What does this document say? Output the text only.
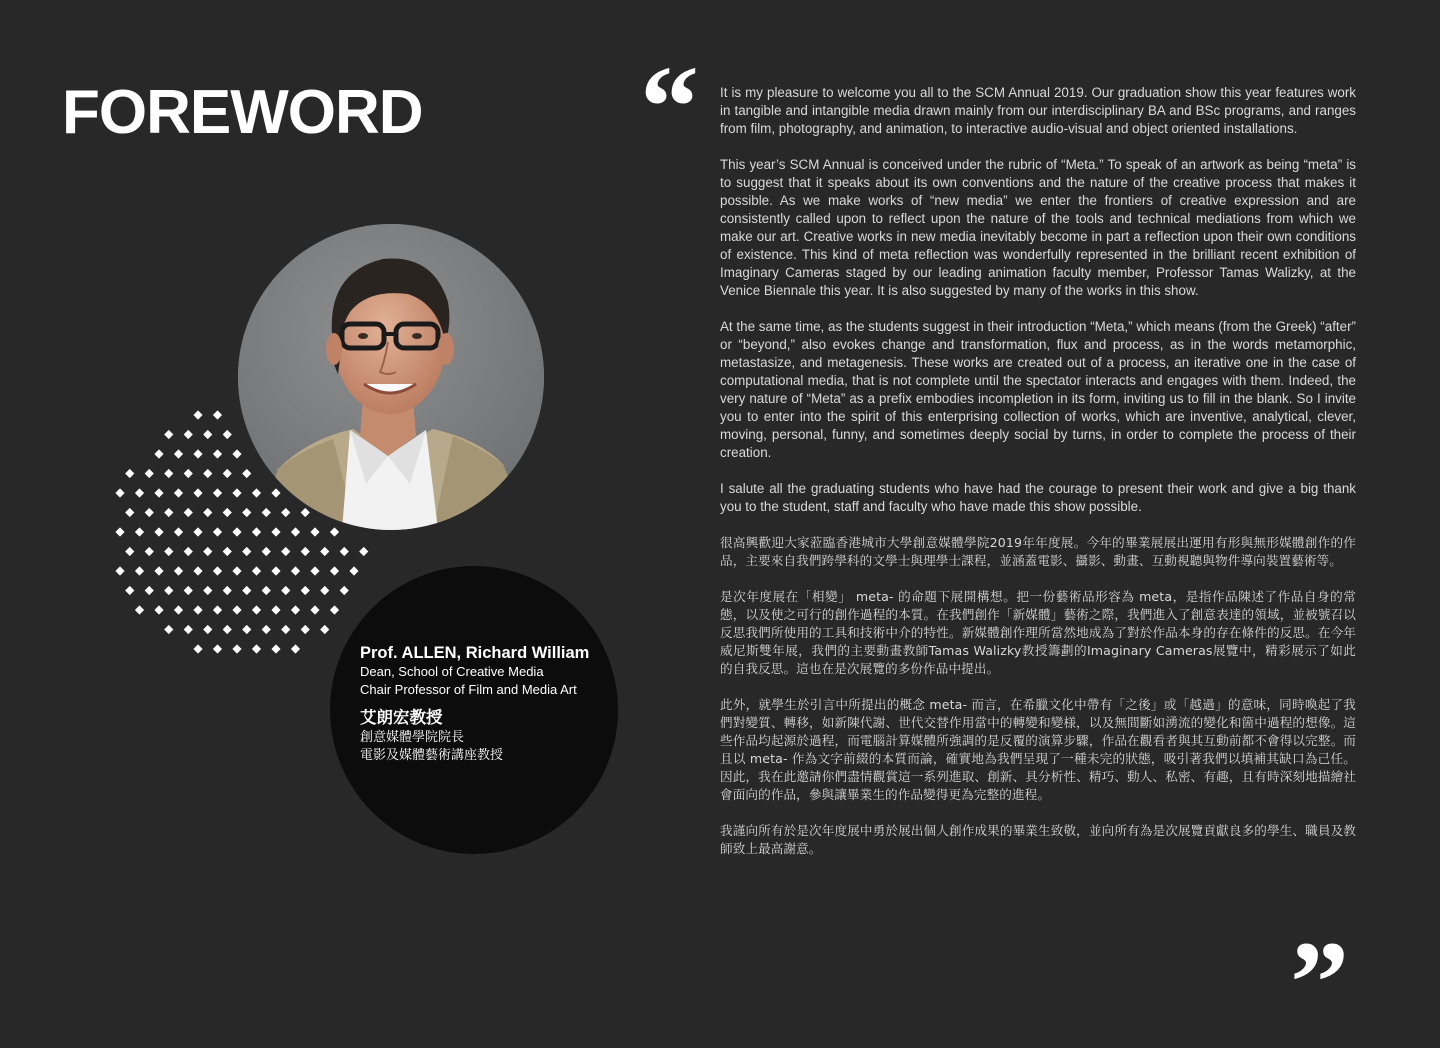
FOREWORD
Prof. ALLEN, Richard William
Dean, School of Creative Media
Chair Professor of Film and Media Art
艾朗宏教授
創意媒體學院院長
電影及媒體藝術講座教授
“ It is my pleasure to welcome you all to the SCM Annual 2019. Our graduation show this year features work in tangible and intangible media drawn mainly from our interdisciplinary BA and BSc programs, and ranges from film, photography, and animation, to interactive audio-visual and object oriented installations.

This year’s SCM Annual is conceived under the rubric of “Meta.” To speak of an artwork as being “meta” is to suggest that it speaks about its own conventions and the nature of the creative process that makes it possible. As we make works of “new media” we enter the frontiers of creative expression and are consistently called upon to reflect upon the nature of the tools and technical mediations from which we make our art. Creative works in new media inevitably become in part a reflection upon their own conditions of existence. This kind of meta reflection was wonderfully represented in the brilliant recent exhibition of Imaginary Cameras staged by our leading animation faculty member, Professor Tamas Walizky, at the Venice Biennale this year. It is also suggested by many of the works in this show.

At the same time, as the students suggest in their introduction “Meta,” which means (from the Greek) “after” or “beyond,” also evokes change and transformation, flux and process, as in the words metamorphic, metastasize, and metagenesis. These works are created out of a process, an iterative one in the case of computational media, that is not complete until the spectator interacts and engages with them. Indeed, the very nature of “Meta” as a prefix embodies incompletion in its form, inviting us to fill in the blank. So I invite you to enter into the spirit of this enterprising collection of works, which are inventive, analytical, clever, moving, personal, funny, and sometimes deeply social by turns, in order to complete the process of their creation.

I salute all the graduating students who have had the courage to present their work and give a big thank you to the student, staff and faculty who have made this show possible.

很高興歡迎大家蒞臨香港城市大學創意媒體學院2019年年度展。今年的畢業展展出運用有形與無形媒體創作的作品，主要來自我們跨學科的文學士與理學士課程，並涵蓋電影、攝影、動畫、互動視聽與物件導向裝置藝術等。

是次年度展在「相變」 meta- 的命題下展開構想。把一份藝術品形容為 meta，是指作品陳述了作品自身的常態，以及使之可行的創作過程的本質。在我們創作「新媒體」藝術之際，我們進入了創意表達的領域，並被號召以反思我們所使用的工具和技術中介的特性。新媒體創作理所當然地成為了對於作品本身的存在條件的反思。在今年威尼斯雙年展，我們的主要動畫教師Tamas Walizky教授籌劃的Imaginary Cameras展覽中，精彩展示了如此的自我反思。這也在是次展覽的多份作品中提出。

此外，就學生於引言中所提出的概念 meta- 而言，在希臘文化中帶有「之後」或「越過」的意味，同時喚起了我們對變質、轉移，如新陳代謝、世代交替作用當中的轉變和變様，以及無間斷如湧流的變化和箇中過程的想像。這些作品均起源於過程，而電腦計算媒體所強調的是反覆的演算步驟，作品在觀看者與其互動前都不會得以完整。而且以 meta- 作為文字前綴的本質而論，確實地為我們呈現了一種未完的狀態，吸引著我們以填補其缺口為己任。因此，我在此邀請你們盡情觀賞這一系列進取、創新、具分析性、精巧、動人、私密、有趣，且有時深刻地描繪社會面向的作品，參與讓畢業生的作品變得更為完整的進程。

我謹向所有於是次年度展中勇於展出個人創作成果的畢業生致敬，並向所有為是次展覽貢獻良多的學生、職員及教師致上最高謝意。

”
